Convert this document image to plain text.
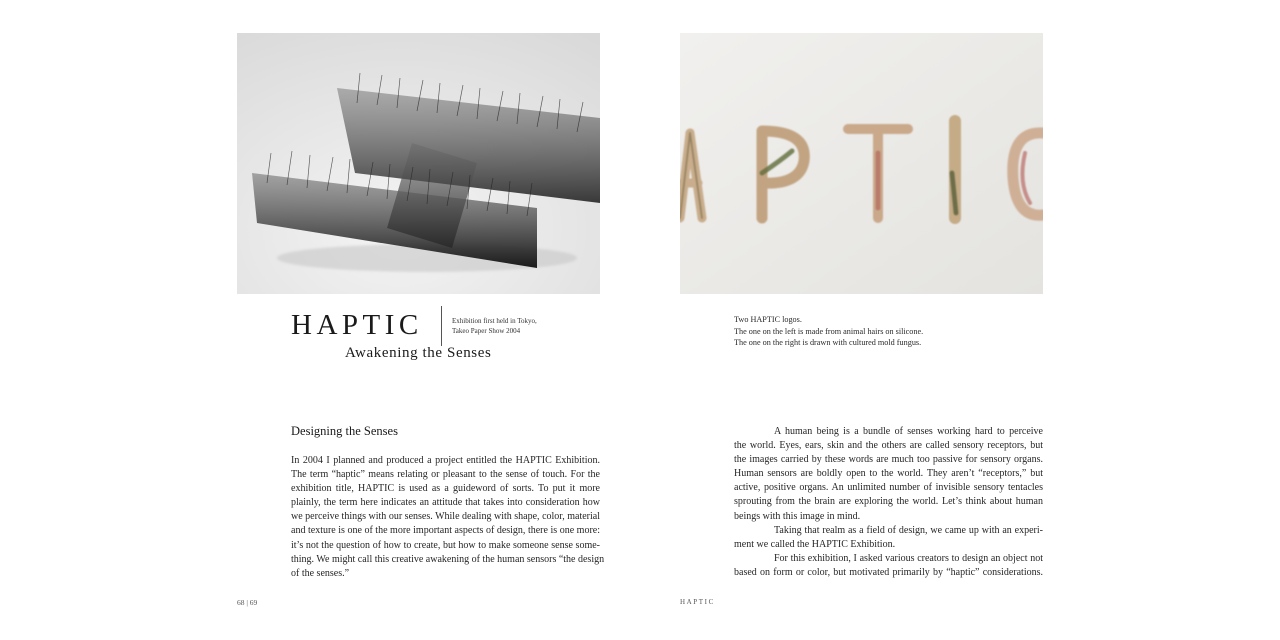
HAPTIC	Exhibition first held in Tokyo,
Takeo Paper Show 2004
Awakening the Senses
Designing the Senses
In 2004 I planned and produced a project entitled the HAPTIC Exhibition.
The term “haptic” means relating or pleasant to the sense of touch. For the
exhibition title, HAPTIC is used as a guideword of sorts. To put it more
plainly, the term here indicates an attitude that takes into consideration how
we perceive things with our senses. While dealing with shape, color, material
and texture is one of the more important aspects of design, there is one more:
it’s not the question of how to create, but how to make someone sense some-
thing. We might call this creative awakening of the human sensors “the design
of the senses.”
68 | 69
Two HAPTIC logos.
The one on the left is made from animal hairs on silicone.
The one on the right is drawn with cultured mold fungus.
A human being is a bundle of senses working hard to perceive
the world. Eyes, ears, skin and the others are called sensory receptors, but
the images carried by these words are much too passive for sensory organs.
Human sensors are boldly open to the world. They aren’t “receptors,” but
active, positive organs. An unlimited number of invisible sensory tentacles
sprouting from the brain are exploring the world. Let’s think about human
beings with this image in mind.
Taking that realm as a field of design, we came up with an experi-
ment we called the HAPTIC Exhibition.
For this exhibition, I asked various creators to design an object not
based on form or color, but motivated primarily by “haptic” considerations.
HAPTIC
